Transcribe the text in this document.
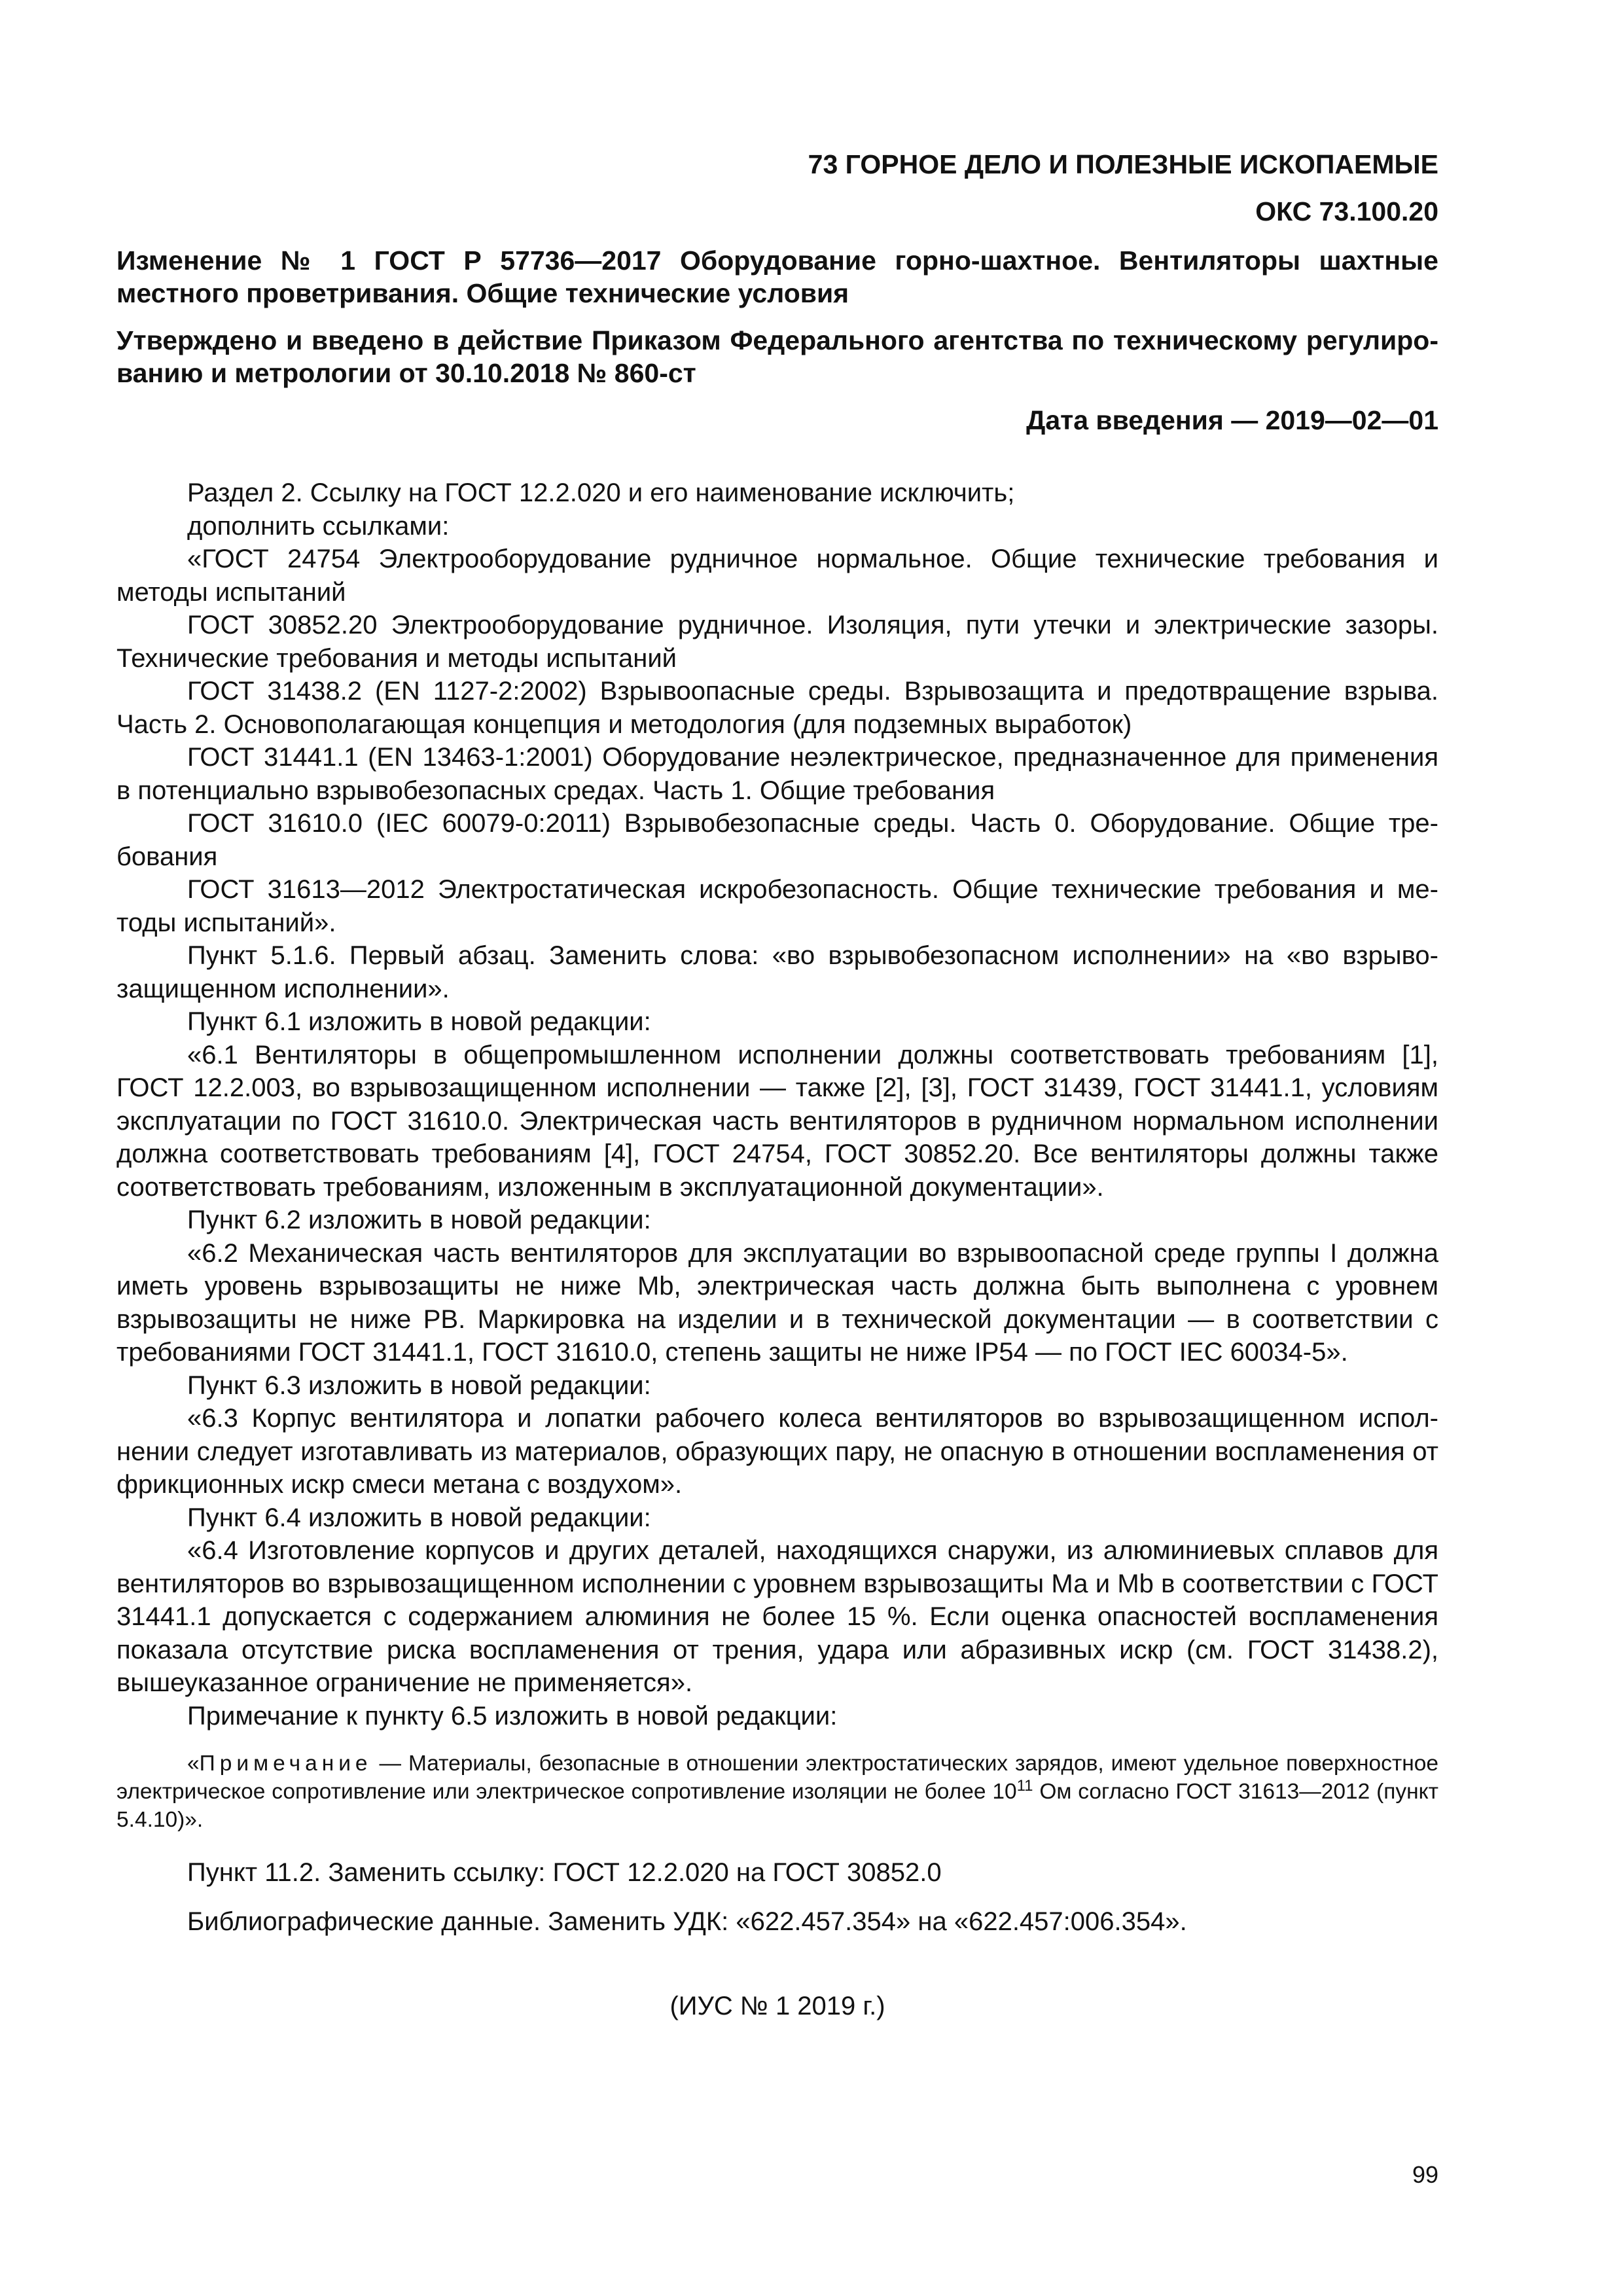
73 ГОРНОЕ ДЕЛО И ПОЛЕЗНЫЕ ИСКОПАЕМЫЕ
ОКС 73.100.20
Изменение № 1 ГОСТ Р 57736—2017 Оборудование горно-шахтное. Вентиляторы шахтные местного проветривания. Общие технические условия
Утверждено и введено в действие Приказом Федерального агентства по техническому регулированию и метрологии от 30.10.2018 № 860-ст
Дата введения — 2019—02—01

Раздел 2. Ссылку на ГОСТ 12.2.020 и его наименование исключить;

дополнить ссылками:

«ГОСТ 24754 Электрооборудование рудничное нормальное. Общие технические требования и методы испытаний

ГОСТ 30852.20 Электрооборудование рудничное. Изоляция, пути утечки и электрические зазоры. Технические требования и методы испытаний

ГОСТ 31438.2 (EN 1127-2:2002) Взрывоопасные среды. Взрывозащита и предотвращение взрыва. Часть 2. Основополагающая концепция и методология (для подземных выработок)

ГОСТ 31441.1 (EN 13463-1:2001) Оборудование неэлектрическое, предназначенное для применения в потенциально взрывобезопасных средах. Часть 1. Общие требования

ГОСТ 31610.0 (IEC 60079-0:2011) Взрывобезопасные среды. Часть 0. Оборудование. Общие требования

ГОСТ 31613—2012 Электростатическая искробезопасность. Общие технические требования и методы испытаний».

Пункт 5.1.6. Первый абзац. Заменить слова: «во взрывобезопасном исполнении» на «во взрывозащищенном исполнении».

Пункт 6.1 изложить в новой редакции:

«6.1 Вентиляторы в общепромышленном исполнении должны соответствовать требованиям [1], ГОСТ 12.2.003, во взрывозащищенном исполнении — также [2], [3], ГОСТ 31439, ГОСТ 31441.1, условиям эксплуатации по ГОСТ 31610.0. Электрическая часть вентиляторов в рудничном нормальном исполнении должна соответствовать требованиям [4], ГОСТ 24754, ГОСТ 30852.20. Все вентиляторы должны также соответствовать требованиям, изложенным в эксплуатационной документации».

Пункт 6.2 изложить в новой редакции:

«6.2 Механическая часть вентиляторов для эксплуатации во взрывоопасной среде группы I должна иметь уровень взрывозащиты не ниже Mb, электрическая часть должна быть выполнена с уровнем взрывозащиты не ниже РВ. Маркировка на изделии и в технической документации — в соответствии с требованиями ГОСТ 31441.1, ГОСТ 31610.0, степень защиты не ниже IP54 — по ГОСТ IEC 60034-5».

Пункт 6.3 изложить в новой редакции:

«6.3 Корпус вентилятора и лопатки рабочего колеса вентиляторов во взрывозащищенном исполнении следует изготавливать из материалов, образующих пару, не опасную в отношении воспламенения от фрикционных искр смеси метана с воздухом».

Пункт 6.4 изложить в новой редакции:

«6.4 Изготовление корпусов и других деталей, находящихся снаружи, из алюминиевых сплавов для вентиляторов во взрывозащищенном исполнении с уровнем взрывозащиты Ма и Mb в соответствии с ГОСТ 31441.1 допускается с содержанием алюминия не более 15 %. Если оценка опасностей воспламенения показала отсутствие риска воспламенения от трения, удара или абразивных искр (см. ГОСТ 31438.2), вышеуказанное ограничение не применяется».

Примечание к пункту 6.5 изложить в новой редакции:

«Примечание — Материалы, безопасные в отношении электростатических зарядов, имеют удельное поверхностное электрическое сопротивление или электрическое сопротивление изоляции не более $10^{11}$ Ом согласно ГОСТ 31613—2012 (пункт 5.4.10)».

Пункт 11.2. Заменить ссылку: ГОСТ 12.2.020 на ГОСТ 30852.0

Библиографические данные. Заменить УДК: «622.457.354» на «622.457:006.354».

(ИУС № 1 2019 г.)
99
